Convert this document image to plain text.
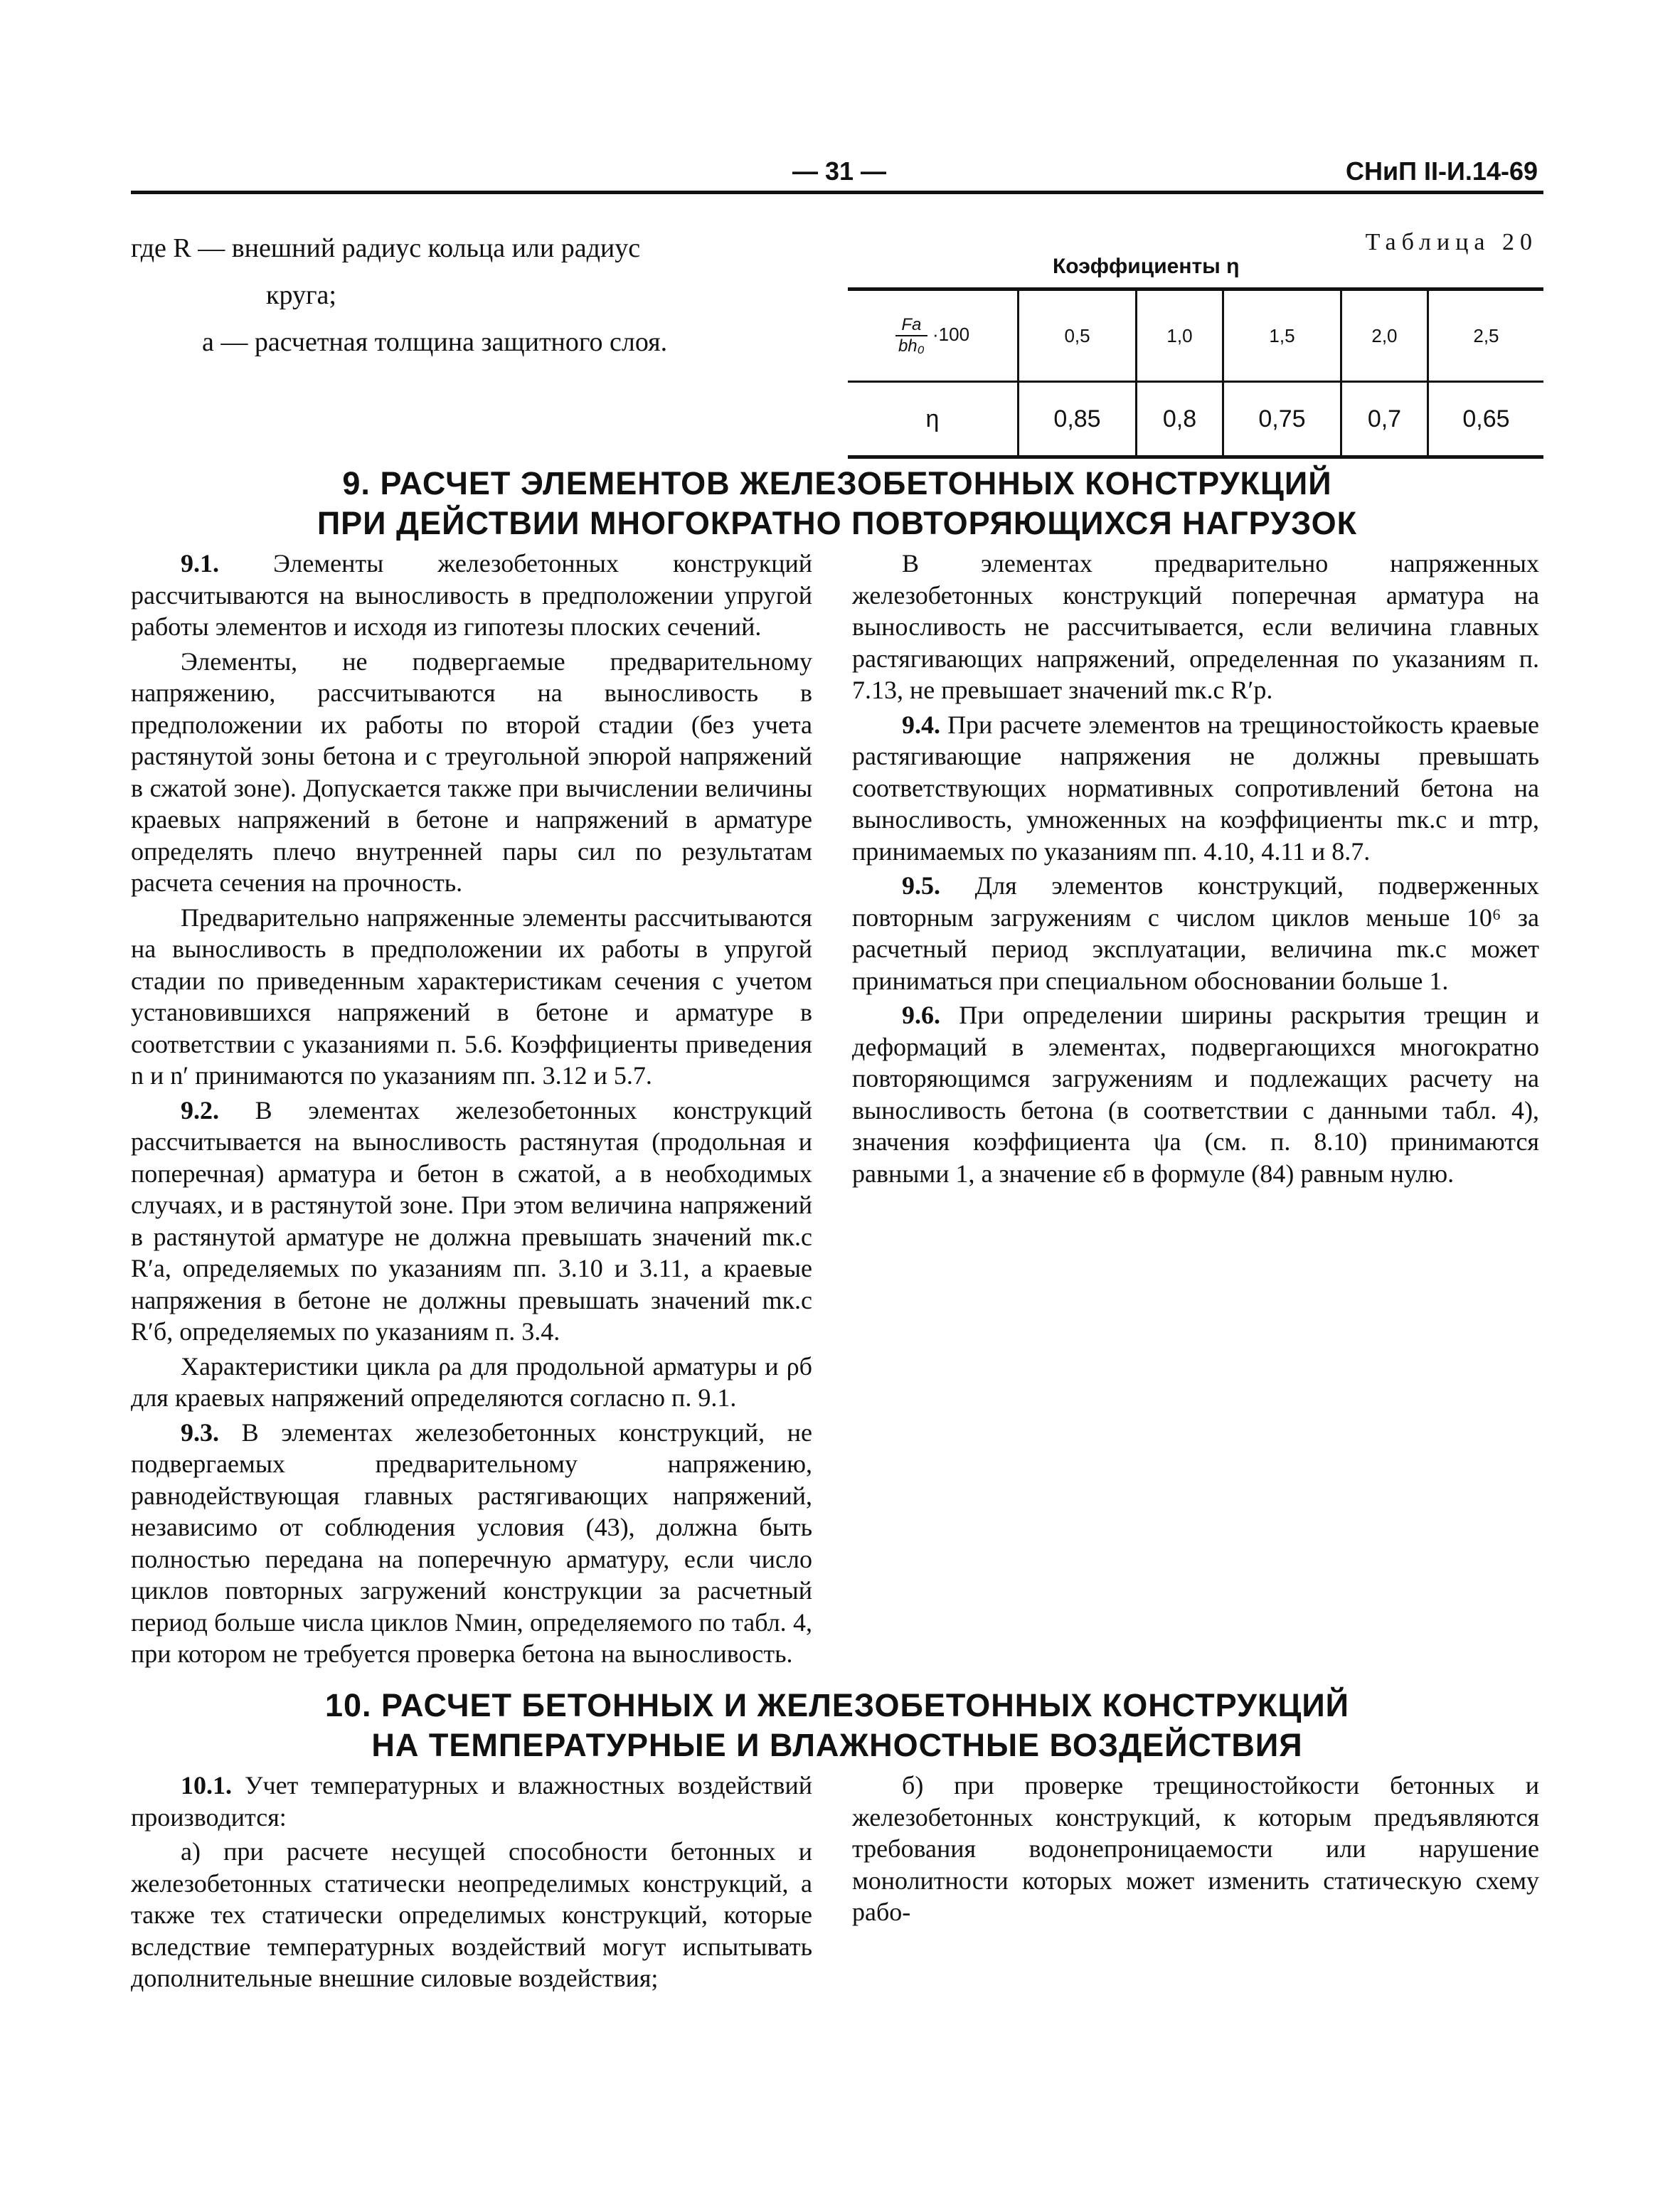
— 31 —	СНиП II-И.14-69
где R — внешний радиус кольца или радиус
круга;
a — расчетная толщина защитного слоя.
Таблица 20
Коэффициенты η
$\frac{Fa}{\text{bh₀}} \cdot 100$	0,5	1,0	1,5	2,0	2,5
η	0,85	0,8	0,75	0,7	0,65
9. РАСЧЕТ ЭЛЕМЕНТОВ ЖЕЛЕЗОБЕТОННЫХ КОНСТРУКЦИЙ
ПРИ ДЕЙСТВИИ МНОГОКРАТНО ПОВТОРЯЮЩИХСЯ НАГРУЗОК

9.1. Элементы железобетонных конструкций рассчитываются на выносливость в предположении упругой работы элементов и исходя из гипотезы плоских сечений.

Элементы, не подвергаемые предварительному напряжению, рассчитываются на выносливость в предположении их работы по второй стадии (без учета растянутой зоны бетона и с треугольной эпюрой напряжений в сжатой зоне). Допускается также при вычислении величины краевых напряжений в бетоне и напряжений в арматуре определять плечо внутренней пары сил по результатам расчета сечения на прочность.

Предварительно напряженные элементы рассчитываются на выносливость в предположении их работы в упругой стадии по приведенным характеристикам сечения с учетом установившихся напряжений в бетоне и арматуре в соответствии с указаниями п. 5.6. Коэффициенты приведения n и n′ принимаются по указаниям пп. 3.12 и 5.7.

9.2. В элементах железобетонных конструкций рассчитывается на выносливость растянутая (продольная и поперечная) арматура и бетон в сжатой, а в необходимых случаях, и в растянутой зоне. При этом величина напряжений в растянутой арматуре не должна превышать значений mк.с R′а, определяемых по указаниям пп. 3.10 и 3.11, а краевые напряжения в бетоне не должны превышать значений mк.с R′б, определяемых по указаниям п. 3.4.

Характеристики цикла ρа для продольной арматуры и ρб для краевых напряжений определяются согласно п. 9.1.

9.3. В элементах железобетонных конструкций, не подвергаемых предварительному напряжению, равнодействующая главных растягивающих напряжений, независимо от соблюдения условия (43), должна быть полностью передана на поперечную арматуру, если число циклов повторных загружений конструкции за расчетный период больше числа циклов Nмин, определяемого по табл. 4, при котором не требуется проверка бетона на выносливость.

В элементах предварительно напряженных железобетонных конструкций поперечная арматура на выносливость не рассчитывается, если величина главных растягивающих напряжений, определенная по указаниям п. 7.13, не превышает значений mк.с R′р.

9.4. При расчете элементов на трещиностойкость краевые растягивающие напряжения не должны превышать соответствующих нормативных сопротивлений бетона на выносливость, умноженных на коэффициенты mк.с и mтр, принимаемых по указаниям пп. 4.10, 4.11 и 8.7.

9.5. Для элементов конструкций, подверженных повторным загружениям с числом циклов меньше 10⁶ за расчетный период эксплуатации, величина mк.с может приниматься при специальном обосновании больше 1.

9.6. При определении ширины раскрытия трещин и деформаций в элементах, подвергающихся многократно повторяющимся загружениям и подлежащих расчету на выносливость бетона (в соответствии с данными табл. 4), значения коэффициента ψа (см. п. 8.10) принимаются равными 1, а значение εб в формуле (84) равным нулю.

10. РАСЧЕТ БЕТОННЫХ И ЖЕЛЕЗОБЕТОННЫХ КОНСТРУКЦИЙ
НА ТЕМПЕРАТУРНЫЕ И ВЛАЖНОСТНЫЕ ВОЗДЕЙСТВИЯ

10.1. Учет температурных и влажностных воздействий производится:

а) при расчете несущей способности бетонных и железобетонных статически неопределимых конструкций, а также тех статически определимых конструкций, которые вследствие температурных воздействий могут испытывать дополнительные внешние силовые воздействия;

б) при проверке трещиностойкости бетонных и железобетонных конструкций, к которым предъявляются требования водонепроницаемости или нарушение монолитности которых может изменить статическую схему рабо-
